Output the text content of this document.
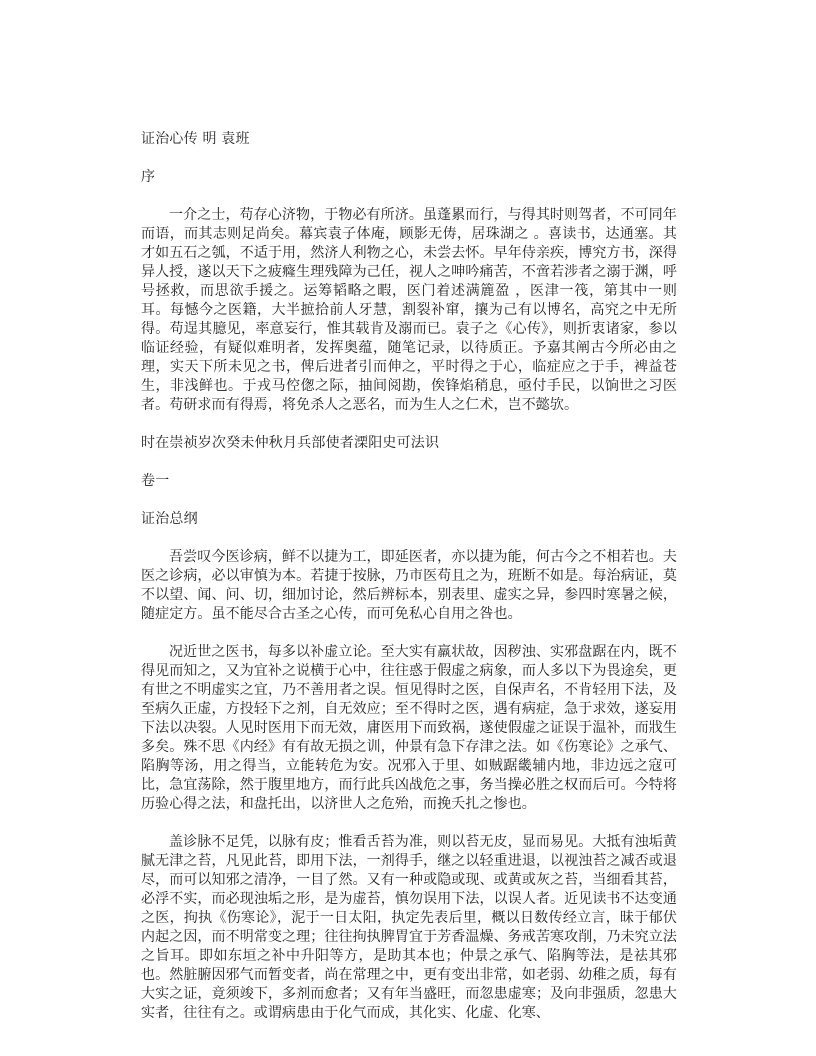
证治心传 明 袁班

序

一介之士，苟存心济物，于物必有所济。虽蓬累而行，与得其时则驾者，不可同年而语，而其志则足尚矣。幕宾袁子体庵，顾影无俦，居珠湖之 。喜读书，达通塞。其才如五石之瓠，不适于用，然济人利物之心，未尝去怀。早年侍亲疾，博究方书，深得异人授，遂以天下之疲癃生理残障为己任，视人之呻吟痛苦，不啻若涉者之溺于渊，呼号拯救，而思欲手援之。运筹韬略之暇，医门着述满簏盈 ，医津一筏，第其中一则耳。每憾今之医籍，大半摭拾前人牙慧，割裂补窜，攘为己有以博名，高究之中无所得。苟逞其臆见，率意妄行，惟其载肯及溺而已。袁子之《心传》，则折衷诸家，参以临证经验，有疑似难明者，发挥奥蕴，随笔记录，以待质正。予嘉其阐古今所必由之理，实天下所未见之书，俾后进者引而伸之，平时得之于心，临症应之于手，裨益苍生，非浅鲜也。于戎马倥偬之际，抽间阅勘，俟锋焰稍息，亟付手民，以饷世之习医者。苟研求而有得焉，将免杀人之恶名，而为生人之仁术，岂不懿欤。

时在崇祯岁次癸未仲秋月兵部使者溧阳史可法识

卷一

证治总纲

吾尝叹今医诊病，鲜不以捷为工，即延医者，亦以捷为能，何古今之不相若也。夫医之诊病，必以审慎为本。若捷于按脉，乃市医苟且之为，班断不如是。每治病证，莫不以望、闻、问、切，细加讨论，然后辨标本，别表里、虚实之异，参四时寒暑之候，随症定方。虽不能尽合古圣之心传，而可免私心自用之咎也。

况近世之医书，每多以补虚立论。至大实有羸状故，因秽浊、实邪盘踞在内，既不得见而知之，又为宜补之说横于心中，往往惑于假虚之病象，而人多以下为畏途矣，更有世之不明虚实之宜，乃不善用者之误。恒见得时之医，自保声名，不肯轻用下法，及至病久正虚，方投轻下之剂，自无效应；至不得时之医，遇有病症，急于求效，遂妄用下法以决裂。人见时医用下而无效，庸医用下而致祸，遂使假虚之证误于温补，而戕生多矣。殊不思《内经》有有故无损之训，仲景有急下存津之法。如《伤寒论》之承气、陷胸等汤，用之得当，立能转危为安。况邪入于里、如贼踞畿辅内地，非边远之寇可比，急宜荡除，然于腹里地方，而行此兵凶战危之事，务当操必胜之权而后可。今特将历验心得之法，和盘托出，以济世人之危殆，而挽夭扎之惨也。

盖诊脉不足凭，以脉有皮；惟看舌苔为准，则以苔无皮，显而易见。大抵有浊垢黄腻无津之苔，凡见此苔，即用下法，一剂得手，继之以轻重进退，以视浊苔之减否或退尽，而可以知邪之清净，一目了然。又有一种或隐或现、或黄或灰之苔，当细看其苔，必浮不实，而必现浊垢之形，是为虚苔，慎勿误用下法，以误人者。近见读书不达变通之医，拘执《伤寒论》，泥于一日太阳，执定先表后里，概以日数传经立言，昧于郁伏内起之因，而不明常变之理；往往拘执脾胃宜于芳香温燥、务戒苦寒攻削，乃未究立法之旨耳。即如东垣之补中升阳等方，是助其本也；仲景之承气、陷胸等法，是祛其邪也。然脏腑因邪气而暂变者，尚在常理之中，更有变出非常，如老弱、幼稚之质，每有大实之证，竟须竣下，多剂而愈者；又有年当盛旺，而忽患虚寒；及向非强质，忽患大实者，往往有之。或谓病患由于化气而成，其化实、化虚、化寒、
